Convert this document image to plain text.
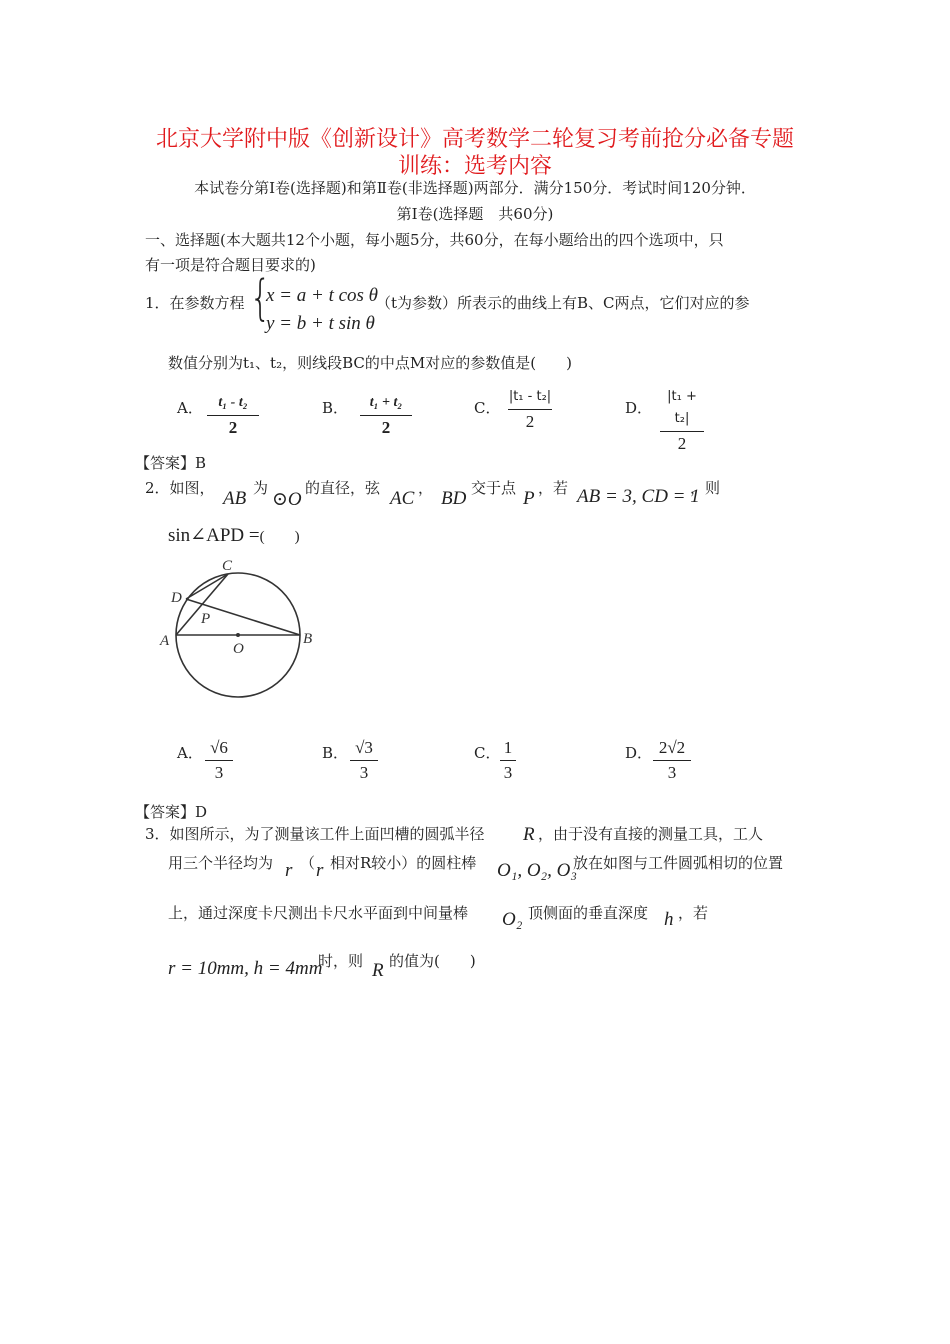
北京大学附中版《创新设计》高考数学二轮复习考前抢分必备专题
训练：选考内容
本试卷分第Ⅰ卷(选择题)和第Ⅱ卷(非选择题)两部分．满分150分．考试时间120分钟．
第Ⅰ卷(选择题　共60分)
一、选择题(本大题共12个小题，每小题5分，共60分，在每小题给出的四个选项中，只
有一项是符合题目要求的)
1．在参数方程 {
x = a + t cos θ
y = b + t sin θ
（t为参数）所表示的曲线上有B、C两点，它们对应的参
数值分别为t₁、t₂，则线段BC的中点M对应的参数值是(　　)
A．	t₁ - t₂
2
B．	t₁ + t₂
2
C．
|t₁ - t₂|
2
D．
|t₁ + t₂|
2
【答案】B
2．如图， AB 为
⊙O
的直径，弦 AC ， BD 交于点 P ，若 AB = 3, CD = 1
，则
sin∠APD =(　　)
C
D
P
A	B
O
A． √6
3
B． √3
3
C． 1
3
D． 2√2
3
【答案】D
3．如图所示，为了测量该工件上面凹槽的圆弧半径 R ，由于没有直接的测量工具，工人
用三个半径均为 r （ r 相对R较小）的圆柱棒 O₁, O₂, O₃
放在如图与工件圆弧相切的位置
上，通过深度卡尺测出卡尺水平面到中间量棒 O₂ 顶侧面的垂直深度 h ，若
r = 10mm, h = 4mm
时，则 R 的值为(　　)
